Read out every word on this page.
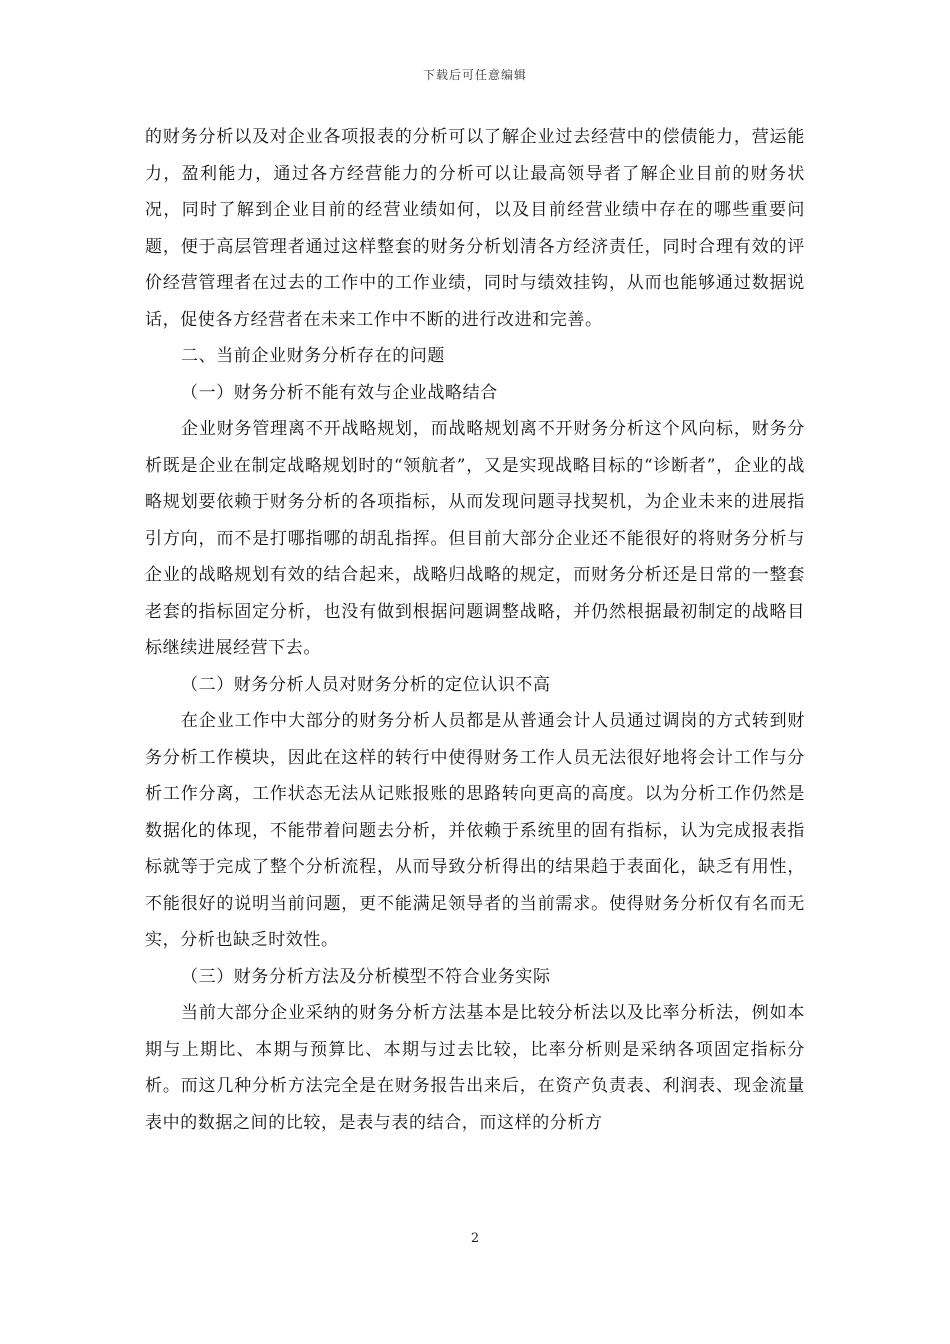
下载后可任意编辑

的财务分析以及对企业各项报表的分析可以了解企业过去经营中的偿债能力，营运能力，盈利能力，通过各方经营能力的分析可以让最高领导者了解企业目前的财务状况，同时了解到企业目前的经营业绩如何，以及目前经营业绩中存在的哪些重要问题，便于高层管理者通过这样整套的财务分析划清各方经济责任，同时合理有效的评价经营管理者在过去的工作中的工作业绩，同时与绩效挂钩，从而也能够通过数据说话，促使各方经营者在未来工作中不断的进行改进和完善。

二、当前企业财务分析存在的问题

（一）财务分析不能有效与企业战略结合

企业财务管理离不开战略规划，而战略规划离不开财务分析这个风向标，财务分析既是企业在制定战略规划时的“领航者”，又是实现战略目标的“诊断者”，企业的战略规划要依赖于财务分析的各项指标，从而发现问题寻找契机，为企业未来的进展指引方向，而不是打哪指哪的胡乱指挥。但目前大部分企业还不能很好的将财务分析与企业的战略规划有效的结合起来，战略归战略的规定，而财务分析还是日常的一整套老套的指标固定分析，也没有做到根据问题调整战略，并仍然根据最初制定的战略目标继续进展经营下去。

（二）财务分析人员对财务分析的定位认识不高

在企业工作中大部分的财务分析人员都是从普通会计人员通过调岗的方式转到财务分析工作模块，因此在这样的转行中使得财务工作人员无法很好地将会计工作与分析工作分离，工作状态无法从记账报账的思路转向更高的高度。以为分析工作仍然是数据化的体现，不能带着问题去分析，并依赖于系统里的固有指标，认为完成报表指标就等于完成了整个分析流程，从而导致分析得出的结果趋于表面化，缺乏有用性，不能很好的说明当前问题，更不能满足领导者的当前需求。使得财务分析仅有名而无实，分析也缺乏时效性。

（三）财务分析方法及分析模型不符合业务实际

当前大部分企业采纳的财务分析方法基本是比较分析法以及比率分析法，例如本期与上期比、本期与预算比、本期与过去比较，比率分析则是采纳各项固定指标分析。而这几种分析方法完全是在财务报告出来后，在资产负责表、利润表、现金流量表中的数据之间的比较，是表与表的结合，而这样的分析方

2
